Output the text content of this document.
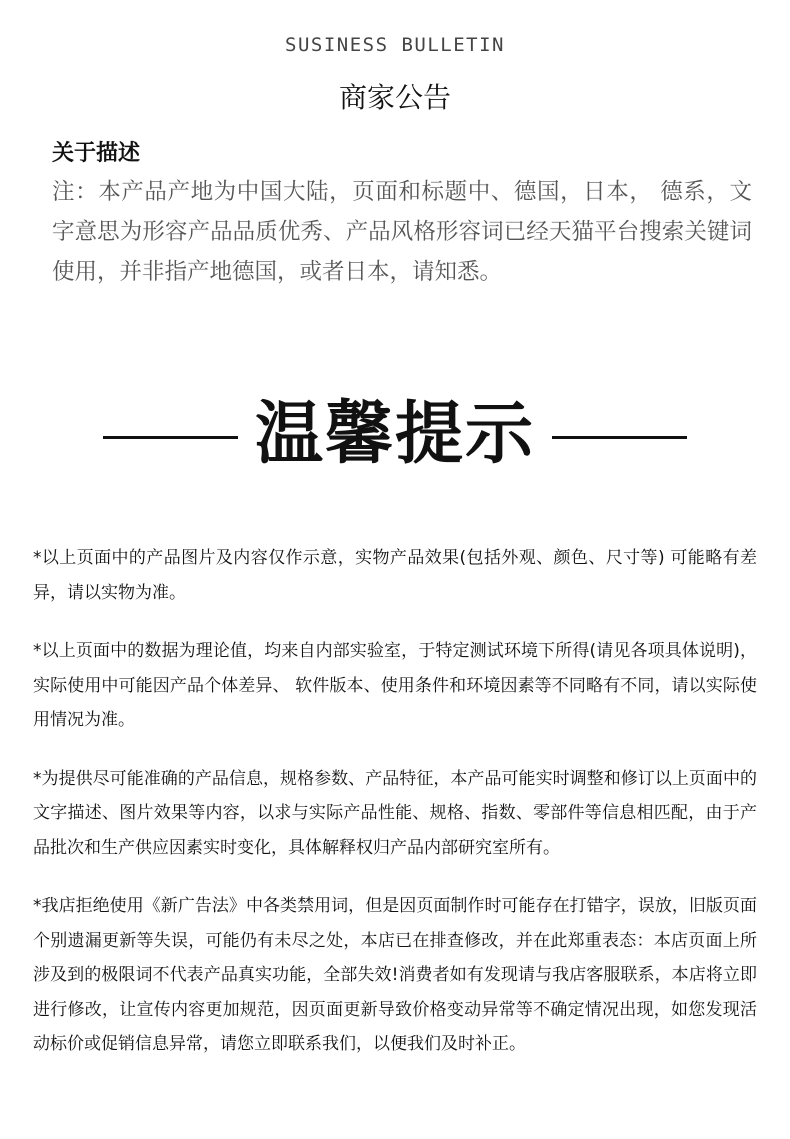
SUSINESS BULLETIN
商家公告
关于描述
注：本产品产地为中国大陆，页面和标题中、德国，日本， 德系，文字意思为形容产品品质优秀、产品风格形容词已经天猫平台搜索关键词使用，并非指产地德国，或者日本，请知悉。
温馨提示

*以上页面中的产品图片及内容仅作示意，实物产品效果(包括外观、颜色、尺寸等) 可能略有差异，请以实物为准。

*以上页面中的数据为理论值，均来自内部实验室，于特定测试环境下所得(请见各项具体说明)，实际使用中可能因产品个体差异、 软件版本、使用条件和环境因素等不同略有不同，请以实际使用情况为准。

*为提供尽可能准确的产品信息，规格参数、产品特征，本产品可能实时调整和修订以上页面中的文字描述、图片效果等内容，以求与实际产品性能、规格、指数、零部件等信息相匹配，由于产品批次和生产供应因素实时变化，具体解释权归产品内部研究室所有。

*我店拒绝使用《新广告法》中各类禁用词，但是因页面制作时可能存在打错字，误放，旧版页面个别遗漏更新等失误，可能仍有未尽之处，本店已在排查修改，并在此郑重表态：本店页面上所涉及到的极限词不代表产品真实功能，全部失效!消费者如有发现请与我店客服联系，本店将立即进行修改，让宣传内容更加规范，因页面更新导致价格变动异常等不确定情况出现，如您发现活动标价或促销信息异常，请您立即联系我们，以便我们及时补正。
